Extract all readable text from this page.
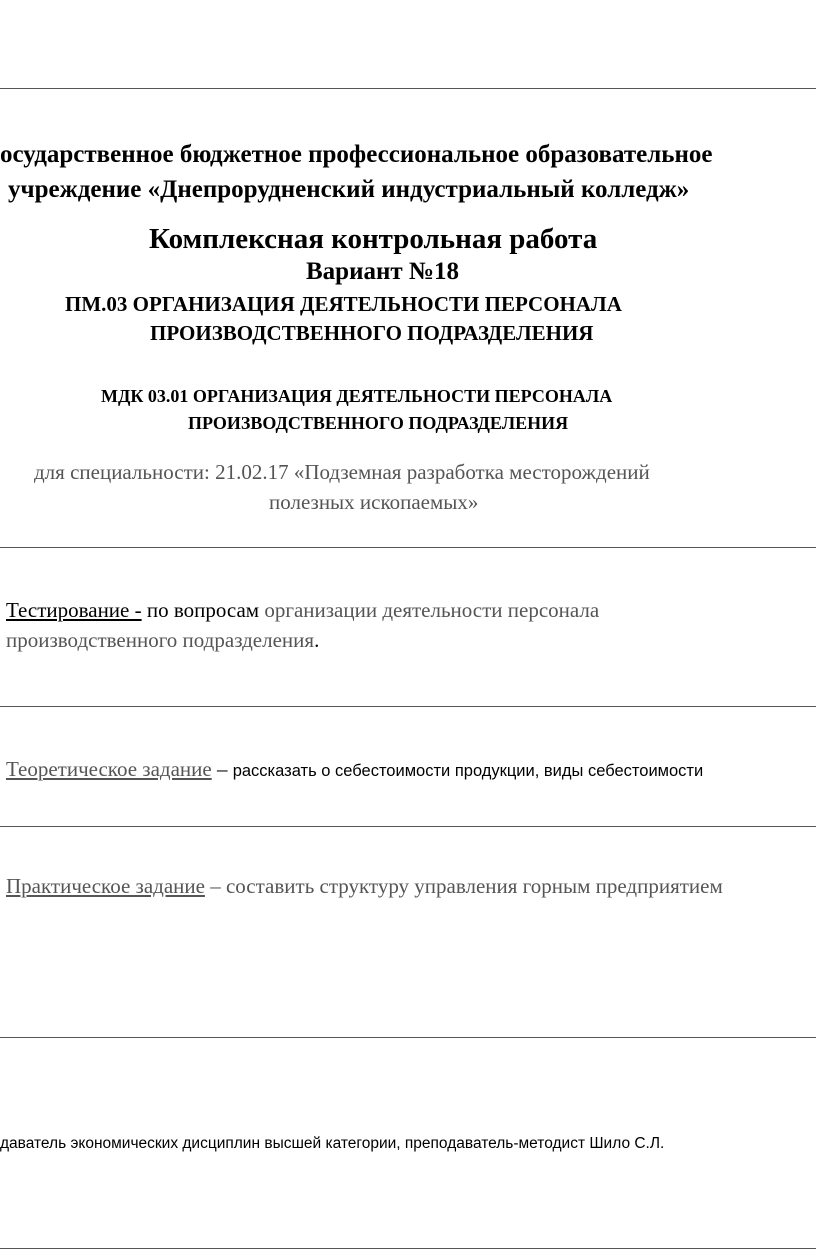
осударственное бюджетное профессиональное образовательное
учреждение «Днепрорудненский индустриальный колледж»
Комплексная контрольная работа
Вариант №18
ПМ.03 ОРГАНИЗАЦИЯ ДЕЯТЕЛЬНОСТИ ПЕРСОНАЛА
ПРОИЗВОДСТВЕННОГО ПОДРАЗДЕЛЕНИЯ
МДК 03.01 ОРГАНИЗАЦИЯ ДЕЯТЕЛЬНОСТИ ПЕРСОНАЛА
ПРОИЗВОДСТВЕННОГО ПОДРАЗДЕЛЕНИЯ
для специальности: 21.02.17 «Подземная разработка месторождений
полезных ископаемых»
Тестирование - по вопросам организации деятельности персонала
производственного подразделения.
Теоретическое задание – рассказать о себестоимости продукции, виды себестоимости
Практическое задание – составить структуру управления горным предприятием
даватель экономических дисциплин высшей категории, преподаватель-методист Шило С.Л.
